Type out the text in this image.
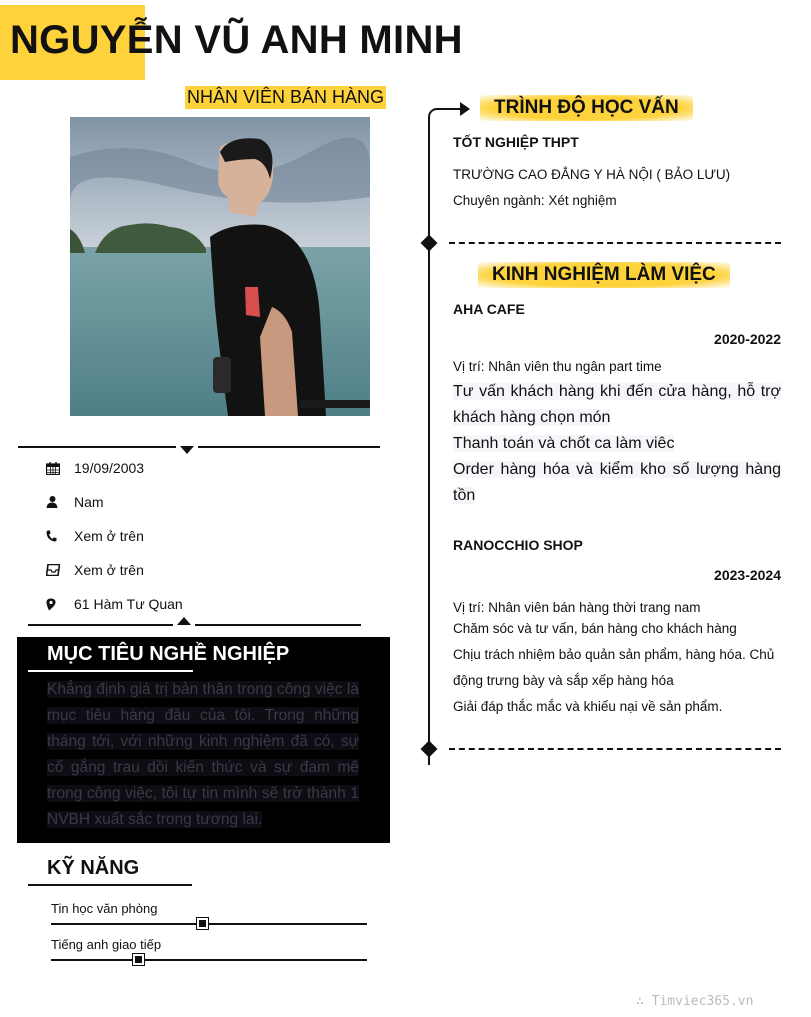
NGUYỄN VŨ ANH MINH
NHÂN VIÊN BÁN HÀNG
19/09/2003
Nam
Xem ở trên
Xem ở trên
61 Hàm Tư Quan
MỤC TIÊU NGHỀ NGHIỆP

Khẳng định giá trị bản thân trong công việc là mục tiêu hàng đầu của tôi. Trong những tháng tới, với những kinh nghiệm đã có, sự cố gắng trau dồi kiến thức và sự đam mê trong công việc, tôi tự tin mình sẽ trở thành 1 NVBH xuất sắc trong tương lai.

KỸ NĂNG
Tin học văn phòng
Tiếng anh giao tiếp
TRÌNH ĐỘ HỌC VẤN
TỐT NGHIỆP THPT
TRƯỜNG CAO ĐẲNG Y HÀ NỘI ( BẢO LƯU)
Chuyên ngành: Xét nghiệm
KINH NGHIỆM LÀM VIỆC
AHA CAFE
2020-2022
Vị trí: Nhân viên thu ngân part time
Tư vấn khách hàng khi đến cửa hàng, hỗ trợ khách hàng chọn món
Thanh toán và chốt ca làm viêc
Order hàng hóa và kiểm kho số lượng hàng tồn
RANOCCHIO SHOP
2023-2024
Vị trí: Nhân viên bán hàng thời trang nam
Chăm sóc và tư vấn, bán hàng cho khách hàng
Chịu trách nhiệm bảo quản sản phẩm, hàng hóa. Chủ động trưng bày và sắp xếp hàng hóa
Giải đáp thắc mắc và khiếu nại về sản phẩm.
∴ Timviec365.vn
